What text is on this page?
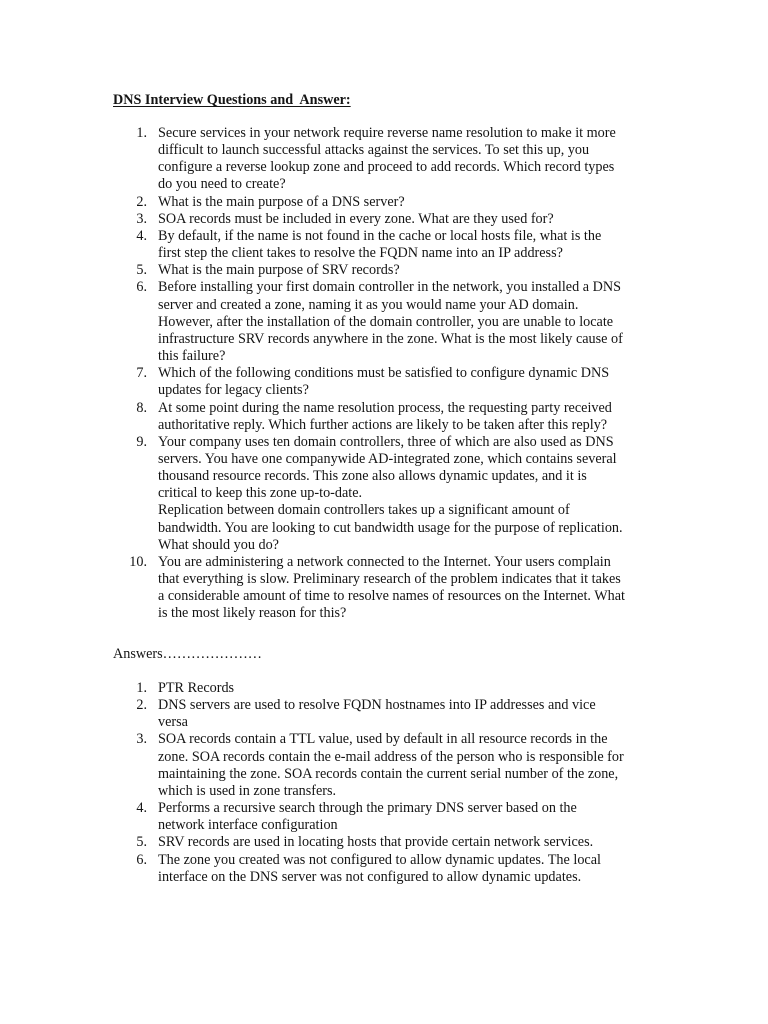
DNS Interview Questions and  Answer:
1. Secure services in your network require reverse name resolution to make it more
difficult to launch successful attacks against the services. To set this up, you
configure a reverse lookup zone and proceed to add records. Which record types
do you need to create?
2. What is the main purpose of a DNS server?
3. SOA records must be included in every zone. What are they used for?
4. By default, if the name is not found in the cache or local hosts file, what is the
first step the client takes to resolve the FQDN name into an IP address?
5. What is the main purpose of SRV records?
6. Before installing your first domain controller in the network, you installed a DNS
server and created a zone, naming it as you would name your AD domain.
However, after the installation of the domain controller, you are unable to locate
infrastructure SRV records anywhere in the zone. What is the most likely cause of
this failure?
7. Which of the following conditions must be satisfied to configure dynamic DNS
updates for legacy clients?
8. At some point during the name resolution process, the requesting party received
authoritative reply. Which further actions are likely to be taken after this reply?
9. Your company uses ten domain controllers, three of which are also used as DNS
servers. You have one companywide AD-integrated zone, which contains several
thousand resource records. This zone also allows dynamic updates, and it is
critical to keep this zone up-to-date.
Replication between domain controllers takes up a significant amount of
bandwidth. You are looking to cut bandwidth usage for the purpose of replication.
What should you do?
10. You are administering a network connected to the Internet. Your users complain
that everything is slow. Preliminary research of the problem indicates that it takes
a considerable amount of time to resolve names of resources on the Internet. What
is the most likely reason for this?
Answers…………………
1. PTR Records
2. DNS servers are used to resolve FQDN hostnames into IP addresses and vice
versa
3. SOA records contain a TTL value, used by default in all resource records in the
zone. SOA records contain the e-mail address of the person who is responsible for
maintaining the zone. SOA records contain the current serial number of the zone,
which is used in zone transfers.
4. Performs a recursive search through the primary DNS server based on the
network interface configuration
5. SRV records are used in locating hosts that provide certain network services.
6. The zone you created was not configured to allow dynamic updates. The local
interface on the DNS server was not configured to allow dynamic updates.
